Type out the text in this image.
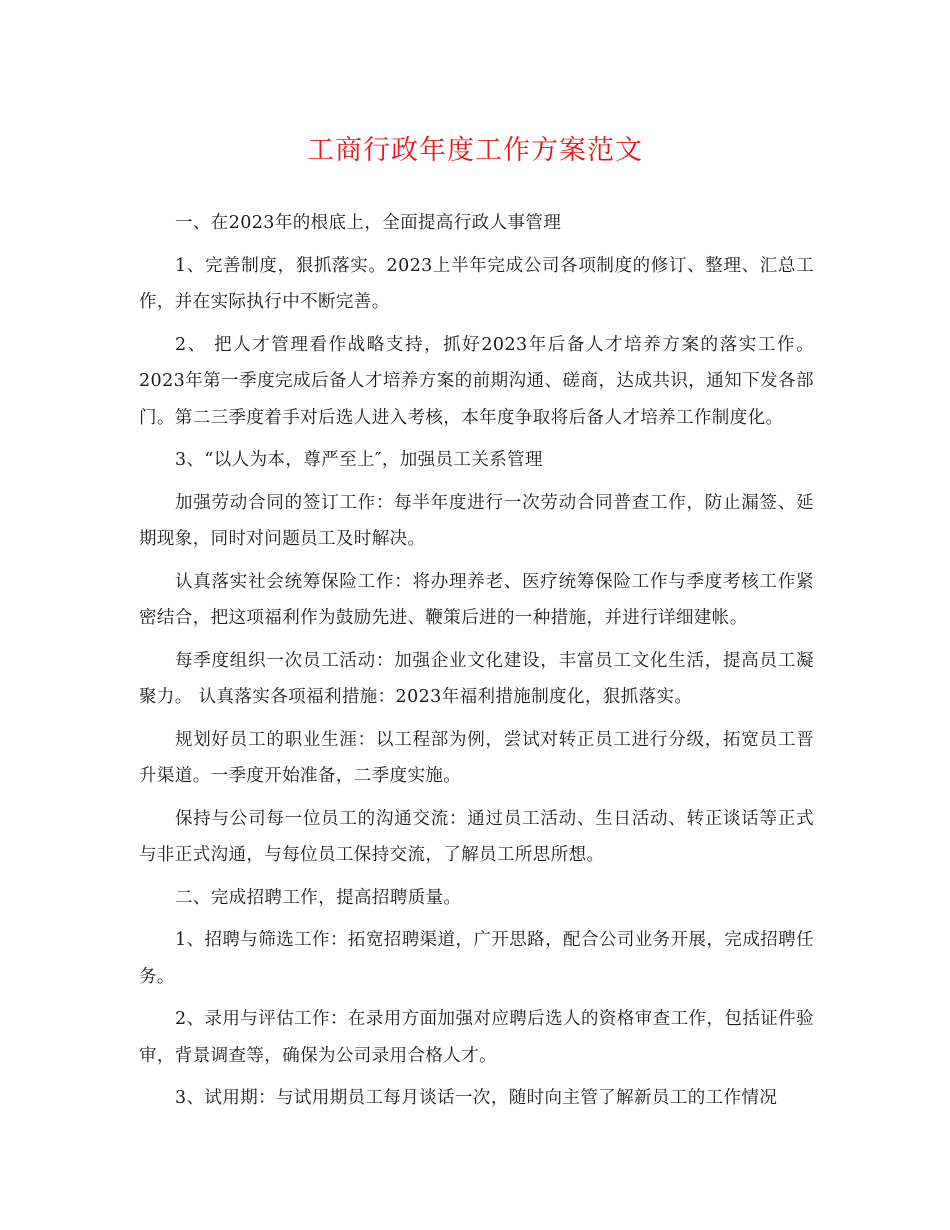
工商行政年度工作方案范文

一、在2023年的根底上，全面提高行政人事管理

1、完善制度，狠抓落实。2023上半年完成公司各项制度的修订、整理、汇总工作，并在实际执行中不断完善。

2、 把人才管理看作战略支持，抓好2023年后备人才培养方案的落实工作。2023年第一季度完成后备人才培养方案的前期沟通、磋商，达成共识，通知下发各部门。第二三季度着手对后选人进入考核，本年度争取将后备人才培养工作制度化。

3、“以人为本，尊严至上″，加强员工关系管理

加强劳动合同的签订工作：每半年度进行一次劳动合同普查工作，防止漏签、延期现象，同时对问题员工及时解决。

认真落实社会统筹保险工作：将办理养老、医疗统筹保险工作与季度考核工作紧密结合，把这项福利作为鼓励先进、鞭策后进的一种措施，并进行详细建帐。

每季度组织一次员工活动：加强企业文化建设，丰富员工文化生活，提高员工凝聚力。 认真落实各项福利措施：2023年福利措施制度化，狠抓落实。

规划好员工的职业生涯：以工程部为例，尝试对转正员工进行分级，拓宽员工晋升渠道。一季度开始准备，二季度实施。

保持与公司每一位员工的沟通交流：通过员工活动、生日活动、转正谈话等正式与非正式沟通，与每位员工保持交流，了解员工所思所想。

二、完成招聘工作，提高招聘质量。

1、招聘与筛选工作：拓宽招聘渠道，广开思路，配合公司业务开展，完成招聘任务。

2、录用与评估工作：在录用方面加强对应聘后选人的资格审查工作，包括证件验审，背景调查等，确保为公司录用合格人才。

3、试用期：与试用期员工每月谈话一次，随时向主管了解新员工的工作情况
